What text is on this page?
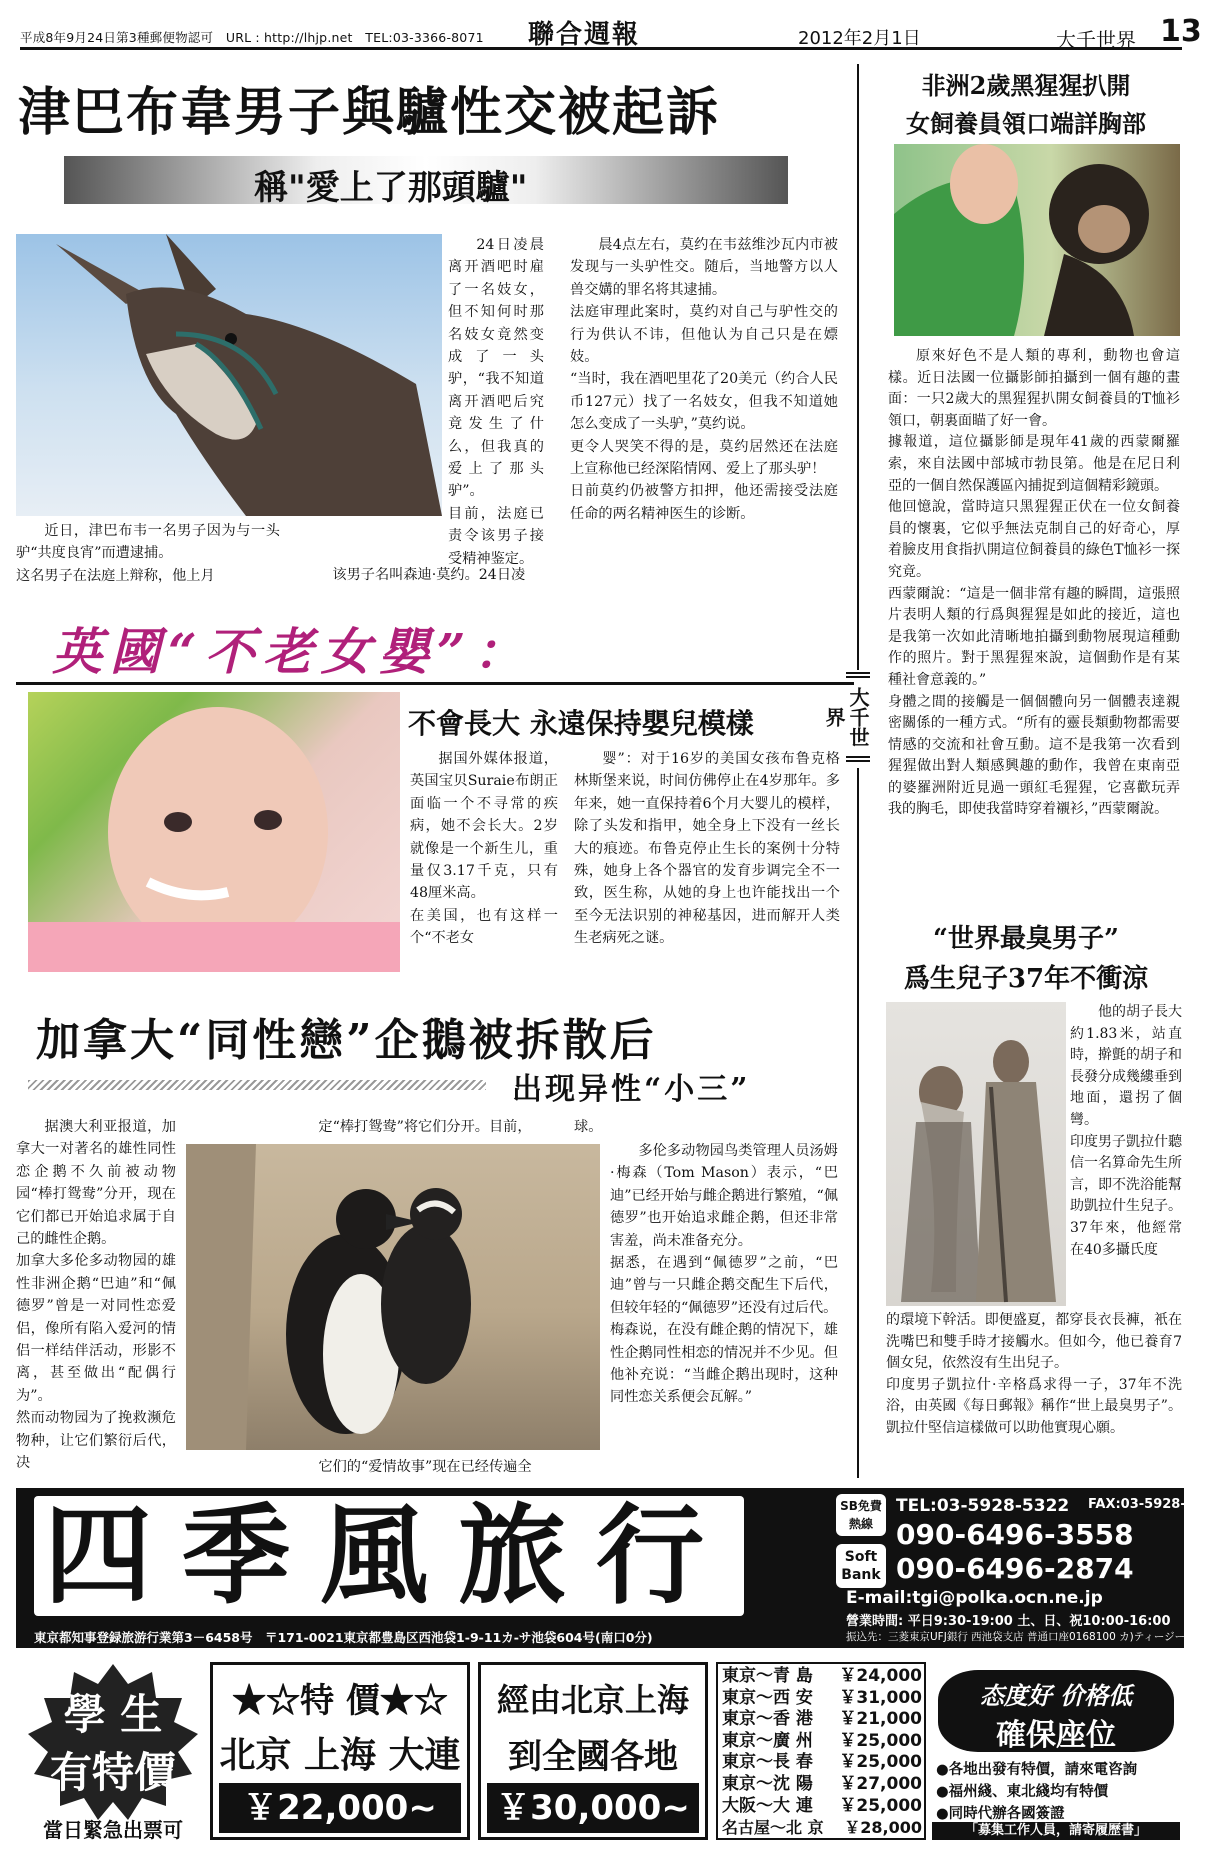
平成8年9月24日第3種郵便物認可　URL : http://lhjp.net　TEL:03-3366-8071 聯合週報	2012年2月1日	大千世界 13
大千世界
津巴布韋男子與驢性交被起訴
稱"愛上了那頭驢"
近日，津巴布韦一名男子因为与一头驴“共度良宵”而遭逮捕。
这名男子在法庭上辩称，他上月
24日凌晨离开酒吧时雇了一名妓女，但不知何时那名妓女竟然变成了一头驴，“我不知道离开酒吧后究竟发生了什么，但我真的爱上了那头驴”。
目前，法庭已责令该男子接受精神鉴定。
该男子名叫森迪·莫约。24日凌
晨4点左右，莫约在韦兹维沙瓦内市被发现与一头驴性交。随后，当地警方以人兽交媾的罪名将其逮捕。
法庭审理此案时，莫约对自己与驴性交的行为供认不讳，但他认为自己只是在嫖妓。
“当时，我在酒吧里花了20美元（约合人民币127元）找了一名妓女，但我不知道她怎么变成了一头驴，”莫约说。
更令人哭笑不得的是，莫约居然还在法庭上宣称他已经深陷情网、爱上了那头驴！
日前莫约仍被警方扣押，他还需接受法庭任命的两名精神医生的诊断。
英國“不老女嬰”：
不會長大 永遠保持嬰兒模樣
据国外媒体报道，英国宝贝Suraie布朗正面临一个不寻常的疾病，她不会长大。2岁就像是一个新生儿，重量仅3.17千克，只有48厘米高。
在美国，也有这样一个“不老女
婴”：对于16岁的美国女孩布鲁克格林斯堡来说，时间仿佛停止在4岁那年。多年来，她一直保持着6个月大婴儿的模样，除了头发和指甲，她全身上下没有一丝长大的痕迹。布鲁克停止生长的案例十分特殊，她身上各个器官的发育步调完全不一致，医生称，从她的身上也许能找出一个至今无法识别的神秘基因，进而解开人类生老病死之谜。
加拿大“同性戀”企鵝被拆散后
出现异性“小三”
据澳大利亚报道，加拿大一对著名的雄性同性恋企鹅不久前被动物园“棒打鸳鸯”分开，现在它们都已开始追求属于自己的雌性企鹅。
加拿大多伦多动物园的雄性非洲企鹅“巴迪”和“佩德罗”曾是一对同性恋爱侣，像所有陷入爱河的情侣一样结伴活动，形影不离，甚至做出“配偶行为”。
然而动物园为了挽救濒危物种，让它们繁衍后代，决
定“棒打鸳鸯”将它们分开。目前，	球。
它们的“爱情故事”现在已经传遍全
多伦多动物园鸟类管理人员汤姆·梅森（Tom Mason）表示，“巴迪”已经开始与雌企鹅进行繁殖，“佩德罗”也开始追求雌企鹅，但还非常害羞，尚未准备充分。
据悉，在遇到“佩德罗”之前，“巴迪”曾与一只雌企鹅交配生下后代，但较年轻的“佩德罗”还没有过后代。
梅森说，在没有雌企鹅的情况下，雄性企鹅同性相恋的情况并不少见。但他补充说：“当雌企鹅出现时，这种同性恋关系便会瓦解。”
非洲2歲黑猩猩扒開
女飼養員領口端詳胸部
原來好色不是人類的專利，動物也會這樣。近日法國一位攝影師拍攝到一個有趣的畫面：一只2歲大的黑猩猩扒開女飼養員的T恤衫領口，朝裏面瞄了好一會。
據報道，這位攝影師是現年41歲的西蒙爾羅索，來自法國中部城市勃艮第。他是在尼日利亞的一個自然保護區內捕捉到這個精彩鏡頭。
他回憶說，當時這只黑猩猩正伏在一位女飼養員的懷裏，它似乎無法克制自己的好奇心，厚着臉皮用食指扒開這位飼養員的綠色T恤衫一探究竟。
西蒙爾說：“這是一個非常有趣的瞬間，這張照片表明人類的行爲與猩猩是如此的接近，這也是我第一次如此清晰地拍攝到動物展現這種動作的照片。對于黑猩猩來說，這個動作是有某種社會意義的。”
身體之間的接觸是一個個體向另一個體表達親密關係的一種方式。“所有的靈長類動物都需要情感的交流和社會互動。這不是我第一次看到猩猩做出對人類感興趣的動作，我曾在東南亞的婆羅洲附近見過一頭紅毛猩猩，它喜歡玩弄我的胸毛，即使我當時穿着襯衫，”西蒙爾說。
“世界最臭男子”
爲生兒子37年不衝涼
他的胡子長大約1.83米，站直時，擀氈的胡子和長發分成幾縷垂到地面，還拐了個彎。
印度男子凱拉什聽信一名算命先生所言，即不洗浴能幫助凱拉什生兒子。37年來，他經常在40多攝氏度
的環境下幹活。即便盛夏，都穿長衣長褲，衹在洗嘴巴和雙手時才接觸水。但如今，他已養育7個女兒，依然沒有生出兒子。
印度男子凱拉什·辛格爲求得一子，37年不洗浴，由英國《每日郵報》稱作“世上最臭男子”。凱拉什堅信這樣做可以助他實現心願。
四季風旅行	SB免費熱線
Soft Bank
TEL:03-5928-5322 FAX:03-5928-5321
090-6496-3558
090-6496-2874
E-mail:tgi@polka.ocn.ne.jp
營業時間: 平日9:30-19:00 土、日、祝10:00-16:00
東京都知事登録旅游行業第3－6458号　〒171-0021東京都豊島区西池袋1-9-11カ-サ池袋604号(南口0分)	振込先：三菱東京UFJ銀行 西池袋支店 普通口座0168100 カ)ティージーアイ
學 生
有特價
當日緊急出票可
★☆特 價★☆
北京 上海 大連
￥22,000~
經由北京上海
到全國各地
￥30,000~
東京～青 島 ￥24,000
東京～西 安 ￥31,000
東京～香 港 ￥21,000
東京～廣 州 ￥25,000
東京～長 春 ￥25,000
東京～沈 陽 ￥27,000
大阪～大 連 ￥25,000
名古屋～北 京 ￥28,000
态度好 价格低
確保座位
●各地出發有特價，請來電咨詢
●福州綫、東北綫均有特價
●同時代辦各國簽證
「募集工作人員，請寄履歷書」
